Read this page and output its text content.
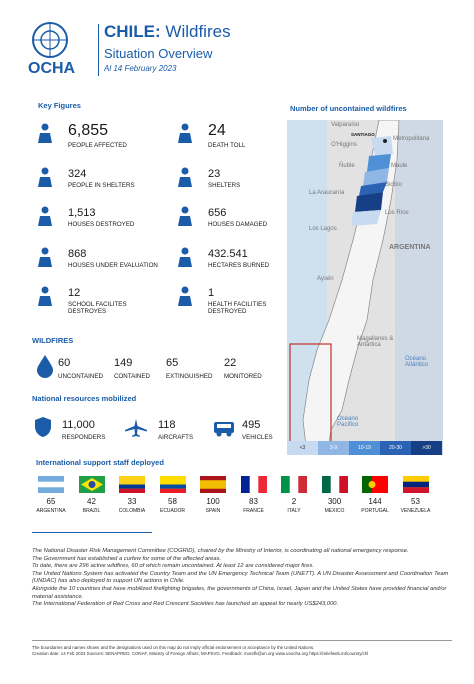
OCHA
CHILE: Wildfires
Situation Overview
Al 14 February 2023
Key Figures
6,855
PEOPLE AFFECTED
24
DEATH TOLL
324
PEOPLE IN SHELTERS
23
SHELTERS
1,513
HOUSES DESTROYED
656
HOUSES DAMAGED
868
HOUSES UNDER EVALUATION
432.541
HECTARES BURNED
12
SCHOOL FACILITES DESTROYES
1
HEALTH FACILITIES DESTROYED
WILDFIRES
60
UNCONTAINED
149
CONTAINED
65
EXTINGUISHED
22
MONITORED
National resources mobilized
11,000
RESPONDERS
118
AIRCRAFTS
495
VEHICLES
International support staff deployed
65
ARGENTINA
42
BRAZIL
33
COLOMBIA
58
ECUADOR
100
SPAIN
83
FRANCE
2
ITALY
300
MEXICO
144
PORTUGAL
53
VENEZUELA
Number of uncontained wildfires
Valparaíso
SANTIAGO
Metropolitana
O'Higgins
Ñuble	Maule
La Araucanía
Biobío
Los Ríos
Los Lagos
ARGENTINA
Aysén
Magallanes & Antártica
Océano Atlántico
Océano Pacífico
<3	3-9	10-19	20-30	>30
The National Disaster Risk Management Committee (COGRID), chaired by the Ministry of Interior, is coordinating all national emergency response.
The Government has established a curfew for some of the affected areas.
To date, there are 296 active wildfires, 60 of which remain uncontained. At least 12 are considered major fires.
The United Nations System has activated the Country Team and the UN Emergency Technical Team (UNETT). A UN Disaster Assessment and Coordination Team (UNDAC) has also deployed to support UN actions in Chile.
Alongside the 10 countries that have mobilized firefighting brigades, the governments of China, Israel, Japan and the United States have provided financial and/or material assistance.
The International Federation of Red Cross and Red Crescent Societies has launched an appeal for nearly US$243,000.
The boundaries and names shown and the designations used on this map do not imply official endorsement or acceptance by the United Nations.
Creation date: 14 Feb 2023 Sources: SENAPRED, CONAF, Ministry of Foreign Affairs, MAPSVG. Feedback: morefk@un.org www.unocha.org https://reliefweb.int/country/chl
